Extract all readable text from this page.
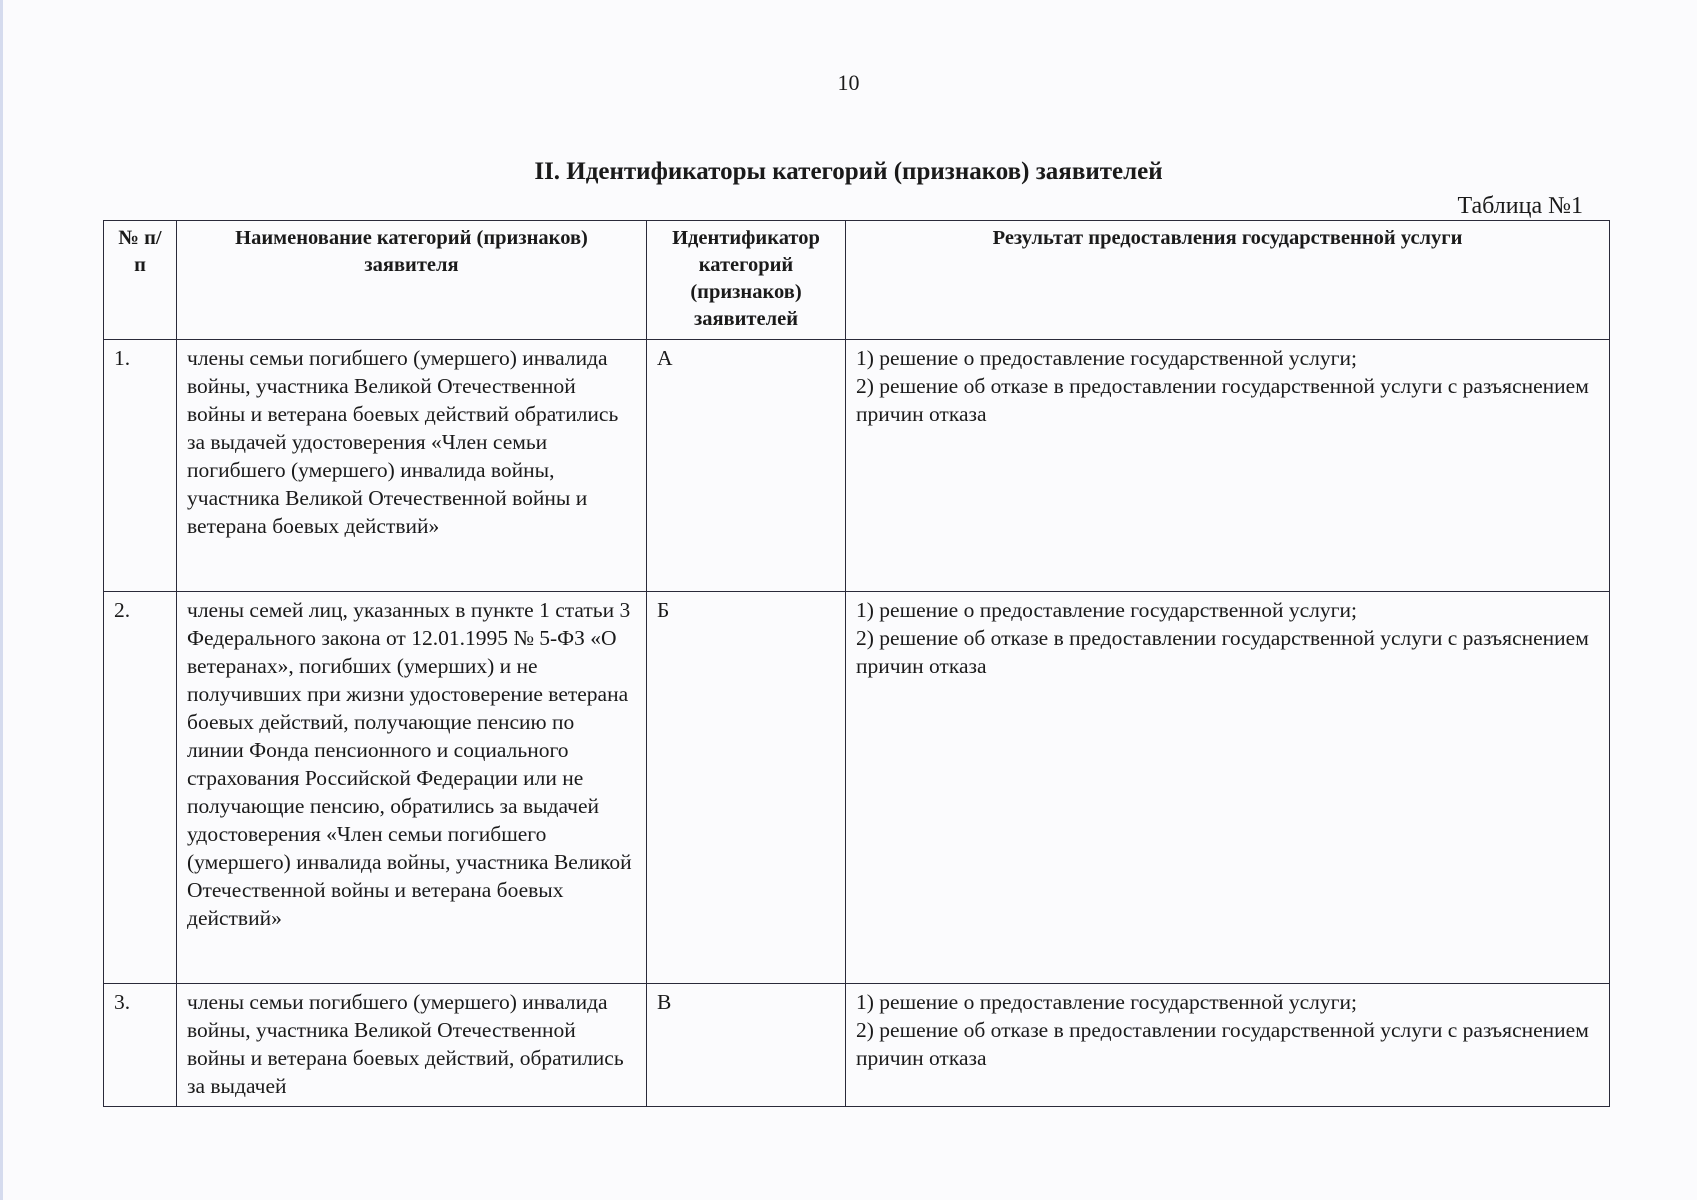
10
II. Идентификаторы категорий (признаков) заявителей
Таблица №1
№ п/п	Наименование категорий (признаков) заявителя	Идентификатор категорий (признаков) заявителей	Результат предоставления государственной услуги
1.	члены семьи погибшего (умершего) инвалида войны, участника Великой Отечественной войны и ветерана боевых действий обратились за выдачей удостоверения «Член семьи погибшего (умершего) инвалида войны, участника Великой Отечественной войны и ветерана боевых действий»	А	1) решение о предоставление государственной услуги;
2) решение об отказе в предоставлении государственной услуги с разъяснением причин отказа

2.	члены семей лиц, указанных в пункте 1 статьи 3 Федерального закона от 12.01.1995 № 5-ФЗ «О ветеранах», погибших (умерших) и не получивших при жизни удостоверение ветерана боевых действий, получающие пенсию по линии Фонда пенсионного и социального страхования Российской Федерации или не получающие пенсию, обратились за выдачей удостоверения «Член семьи погибшего (умершего) инвалида войны, участника Великой Отечественной войны и ветерана боевых действий»	Б	1) решение о предоставление государственной услуги;
2) решение об отказе в предоставлении государственной услуги с разъяснением причин отказа

3.	члены семьи погибшего (умершего) инвалида войны, участника Великой Отечественной войны и ветерана боевых действий, обратились за выдачей	В	1) решение о предоставление государственной услуги;
2) решение об отказе в предоставлении государственной услуги с разъяснением причин отказа
